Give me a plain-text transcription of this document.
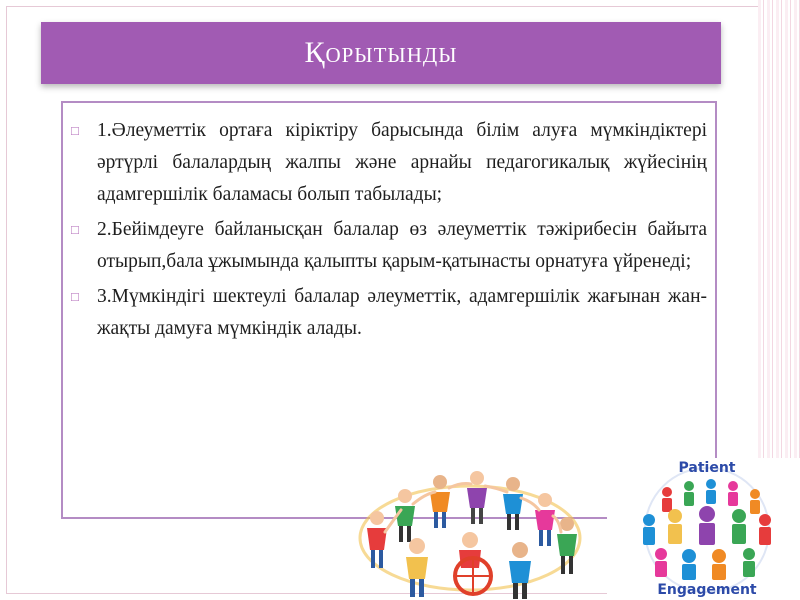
Қорытынды
□ 1.Әлеуметтік ортаға кіріктіру барысында білім алуға мүмкіндіктері әртүрлі балалардың жалпы және арнайы педагогикалық жүйесінің адамгершілік баламасы болып табылады;
□ 2.Бейімдеуге байланысқан балалар өз әлеуметтік тәжірибесін байыта отырып,бала ұжымында қалыпты қарым-қатынасты орнатуға үйренеді;
□ 3.Мүмкіндігі шектеулі балалар әлеуметтік, адамгершілік жағынан жан-жақты дамуға мүмкіндік алады.
Patient
Engagement
